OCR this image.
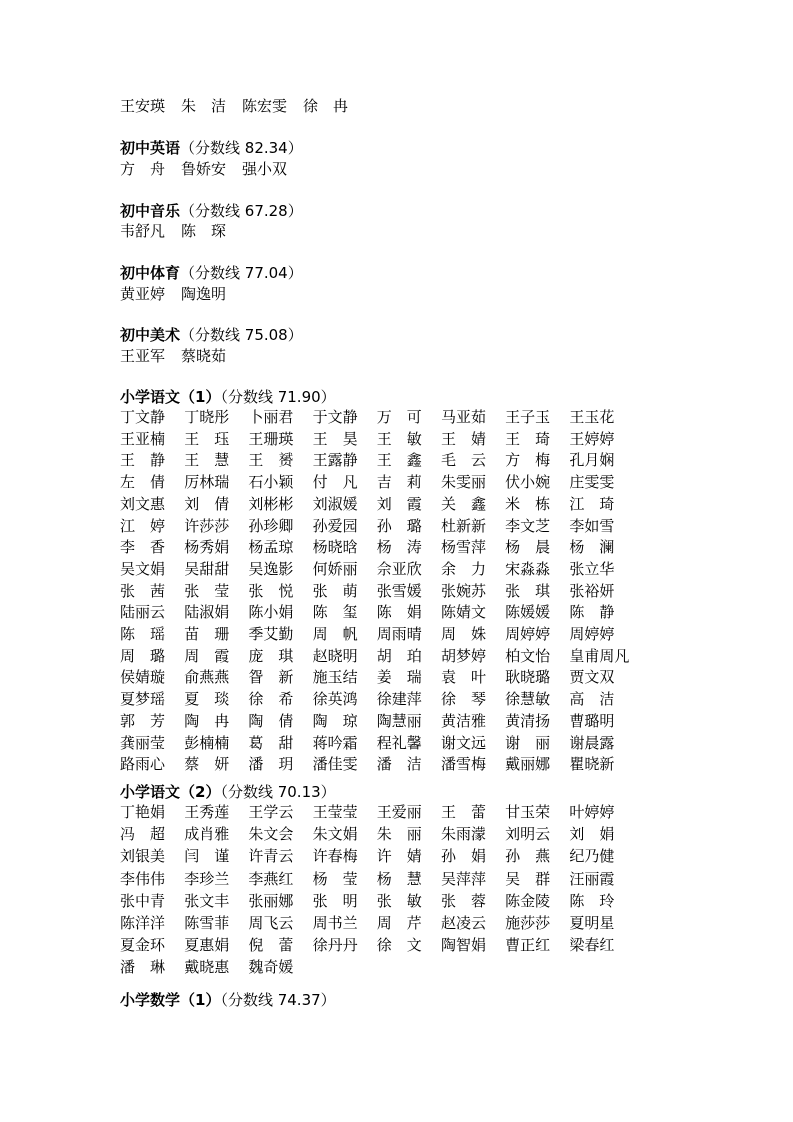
王安瑛 朱　洁 陈宏雯 徐　冉
初中英语（分数线 82.34）
方　舟 鲁娇安 强小双
初中音乐（分数线 67.28）
韦舒凡 陈　琛
初中体育（分数线 77.04）
黄亚婷 陶逸明
初中美术（分数线 75.08）
王亚军 蔡晓茹
小学语文（1）（分数线 71.90）
丁文静	丁晓彤	卜丽君	于文静	万　可	马亚茹	王子玉	王玉花
王亚楠	王　珏	王珊瑛	王　昊	王　敏	王　婧	王　琦	王婷婷
王　静	王　慧	王　赟	王露静	王　鑫	毛　云	方　梅	孔月娴
左　倩	厉林瑞	石小颖	付　凡	吉　莉	朱雯丽	伏小婉	庄雯雯
刘文惠	刘　倩	刘彬彬	刘淑媛	刘　霞	关　鑫	米　栋	江　琦
江　婷	许莎莎	孙珍卿	孙爱园	孙　璐	杜新新	李文芝	李如雪
李　香	杨秀娟	杨孟琼	杨晓晗	杨　涛	杨雪萍	杨　晨	杨　澜
吴文娟	吴甜甜	吴逸影	何娇丽	佘亚欣	余　力	宋淼淼	张立华
张　茜	张　莹	张　悦	张　萌	张雪媛	张婉苏	张　琪	张裕妍
陆丽云	陆淑娟	陈小娟	陈　玺	陈　娟	陈婧文	陈媛媛	陈　静
陈　瑶	苗　珊	季艾勤	周　帆	周雨晴	周　姝	周婷婷	周婷婷
周　璐	周　霞	庞　琪	赵晓明	胡　珀	胡梦婷	柏文怡	皇甫周凡
侯婧璇	俞燕燕	眢　新	施玉结	姜　瑞	袁　叶	耿晓璐	贾文双
夏梦瑶	夏　琰	徐　希	徐英鸿	徐建萍	徐　琴	徐慧敏	高　洁
郭　芳	陶　冉	陶　倩	陶　琼	陶慧丽	黄洁雅	黄清扬	曹璐明
龚丽莹	彭楠楠	葛　甜	蒋吟霜	程礼馨	谢文远	谢　丽	谢晨露
路雨心	蔡　妍	潘　玥	潘佳雯	潘　洁	潘雪梅	戴丽娜	瞿晓新
小学语文（2）（分数线 70.13）
丁艳娟	王秀莲	王学云	王莹莹	王爱丽	王　蕾	甘玉荣	叶婷婷
冯　超	成肖雅	朱文会	朱文娟	朱　丽	朱雨濛	刘明云	刘　娟
刘银美	闫　谨	许青云	许春梅	许　婧	孙　娟	孙　燕	纪乃健
李伟伟	李珍兰	李燕红	杨　莹	杨　慧	吴萍萍	吴　群	汪丽霞
张中青	张文丰	张丽娜	张　明	张　敏	张　蓉	陈金陵	陈　玲
陈洋洋	陈雪菲	周飞云	周书兰	周　芹	赵凌云	施莎莎	夏明星
夏金环	夏惠娟	倪　蕾	徐丹丹	徐　文	陶智娟	曹正红	梁春红
潘　琳	戴晓惠	魏奇媛
小学数学（1）（分数线 74.37）
